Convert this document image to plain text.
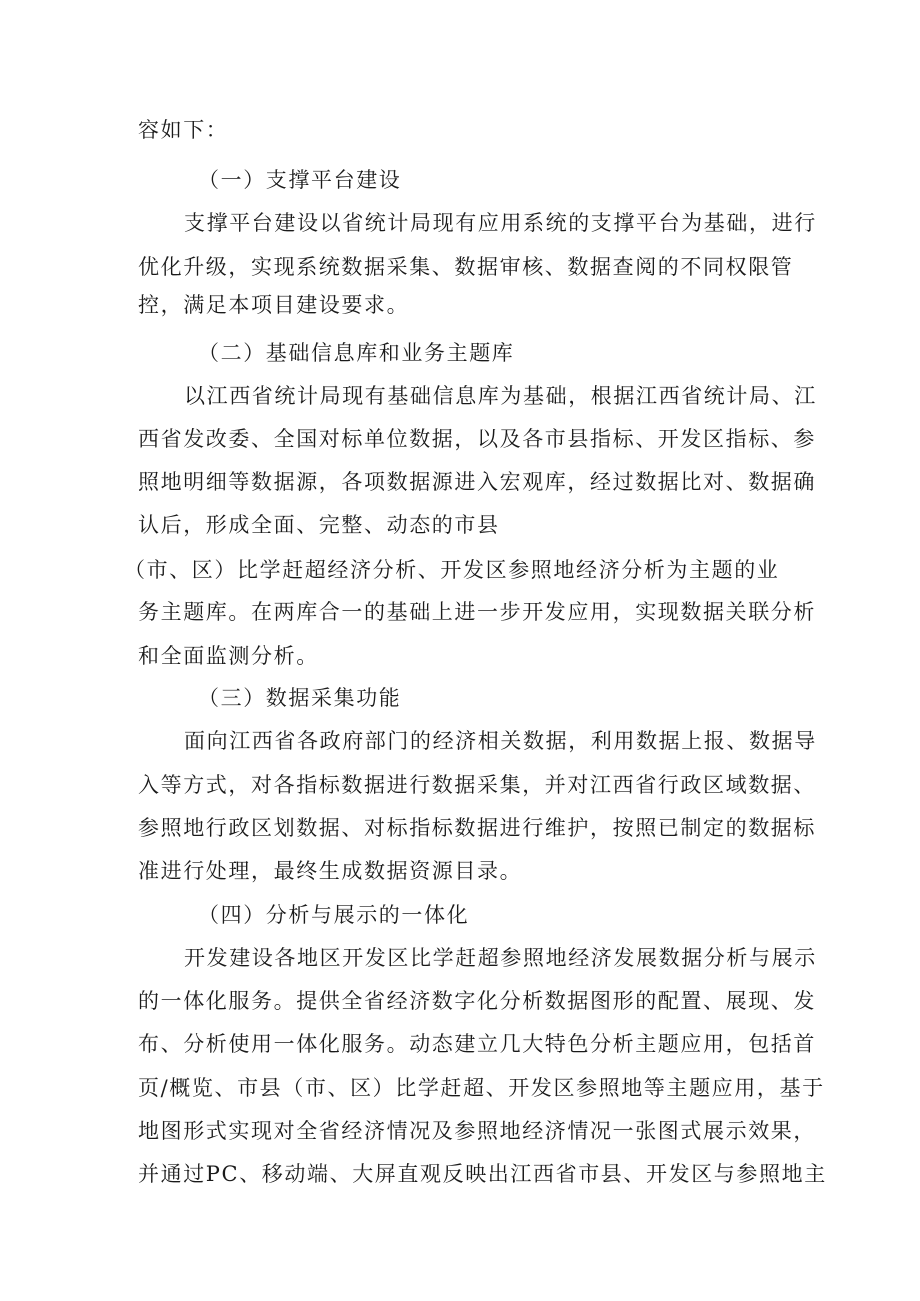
容如下：
（一）支撑平台建设
支撑平台建设以省统计局现有应用系统的支撑平台为基础，进行
优化升级，实现系统数据采集、数据审核、数据查阅的不同权限管
控，满足本项目建设要求。
（二）基础信息库和业务主题库
以江西省统计局现有基础信息库为基础，根据江西省统计局、江
西省发改委、全国对标单位数据，以及各市县指标、开发区指标、参
照地明细等数据源，各项数据源进入宏观库，经过数据比对、数据确
认后，形成全面、完整、动态的市县
（市、区）比学赶超经济分析、开发区参照地经济分析为主题的业
务主题库。在两库合一的基础上进一步开发应用，实现数据关联分析
和全面监测分析。
（三）数据采集功能
面向江西省各政府部门的经济相关数据，利用数据上报、数据导
入等方式，对各指标数据进行数据采集，并对江西省行政区域数据、
参照地行政区划数据、对标指标数据进行维护，按照已制定的数据标
准进行处理，最终生成数据资源目录。
（四）分析与展示的一体化
开发建设各地区开发区比学赶超参照地经济发展数据分析与展示
的一体化服务。提供全省经济数字化分析数据图形的配置、展现、发
布、分析使用一体化服务。动态建立几大特色分析主题应用，包括首
页/概览、市县（市、区）比学赶超、开发区参照地等主题应用，基于
地图形式实现对全省经济情况及参照地经济情况一张图式展示效果，
并通过PC、移动端、大屏直观反映出江西省市县、开发区与参照地主
